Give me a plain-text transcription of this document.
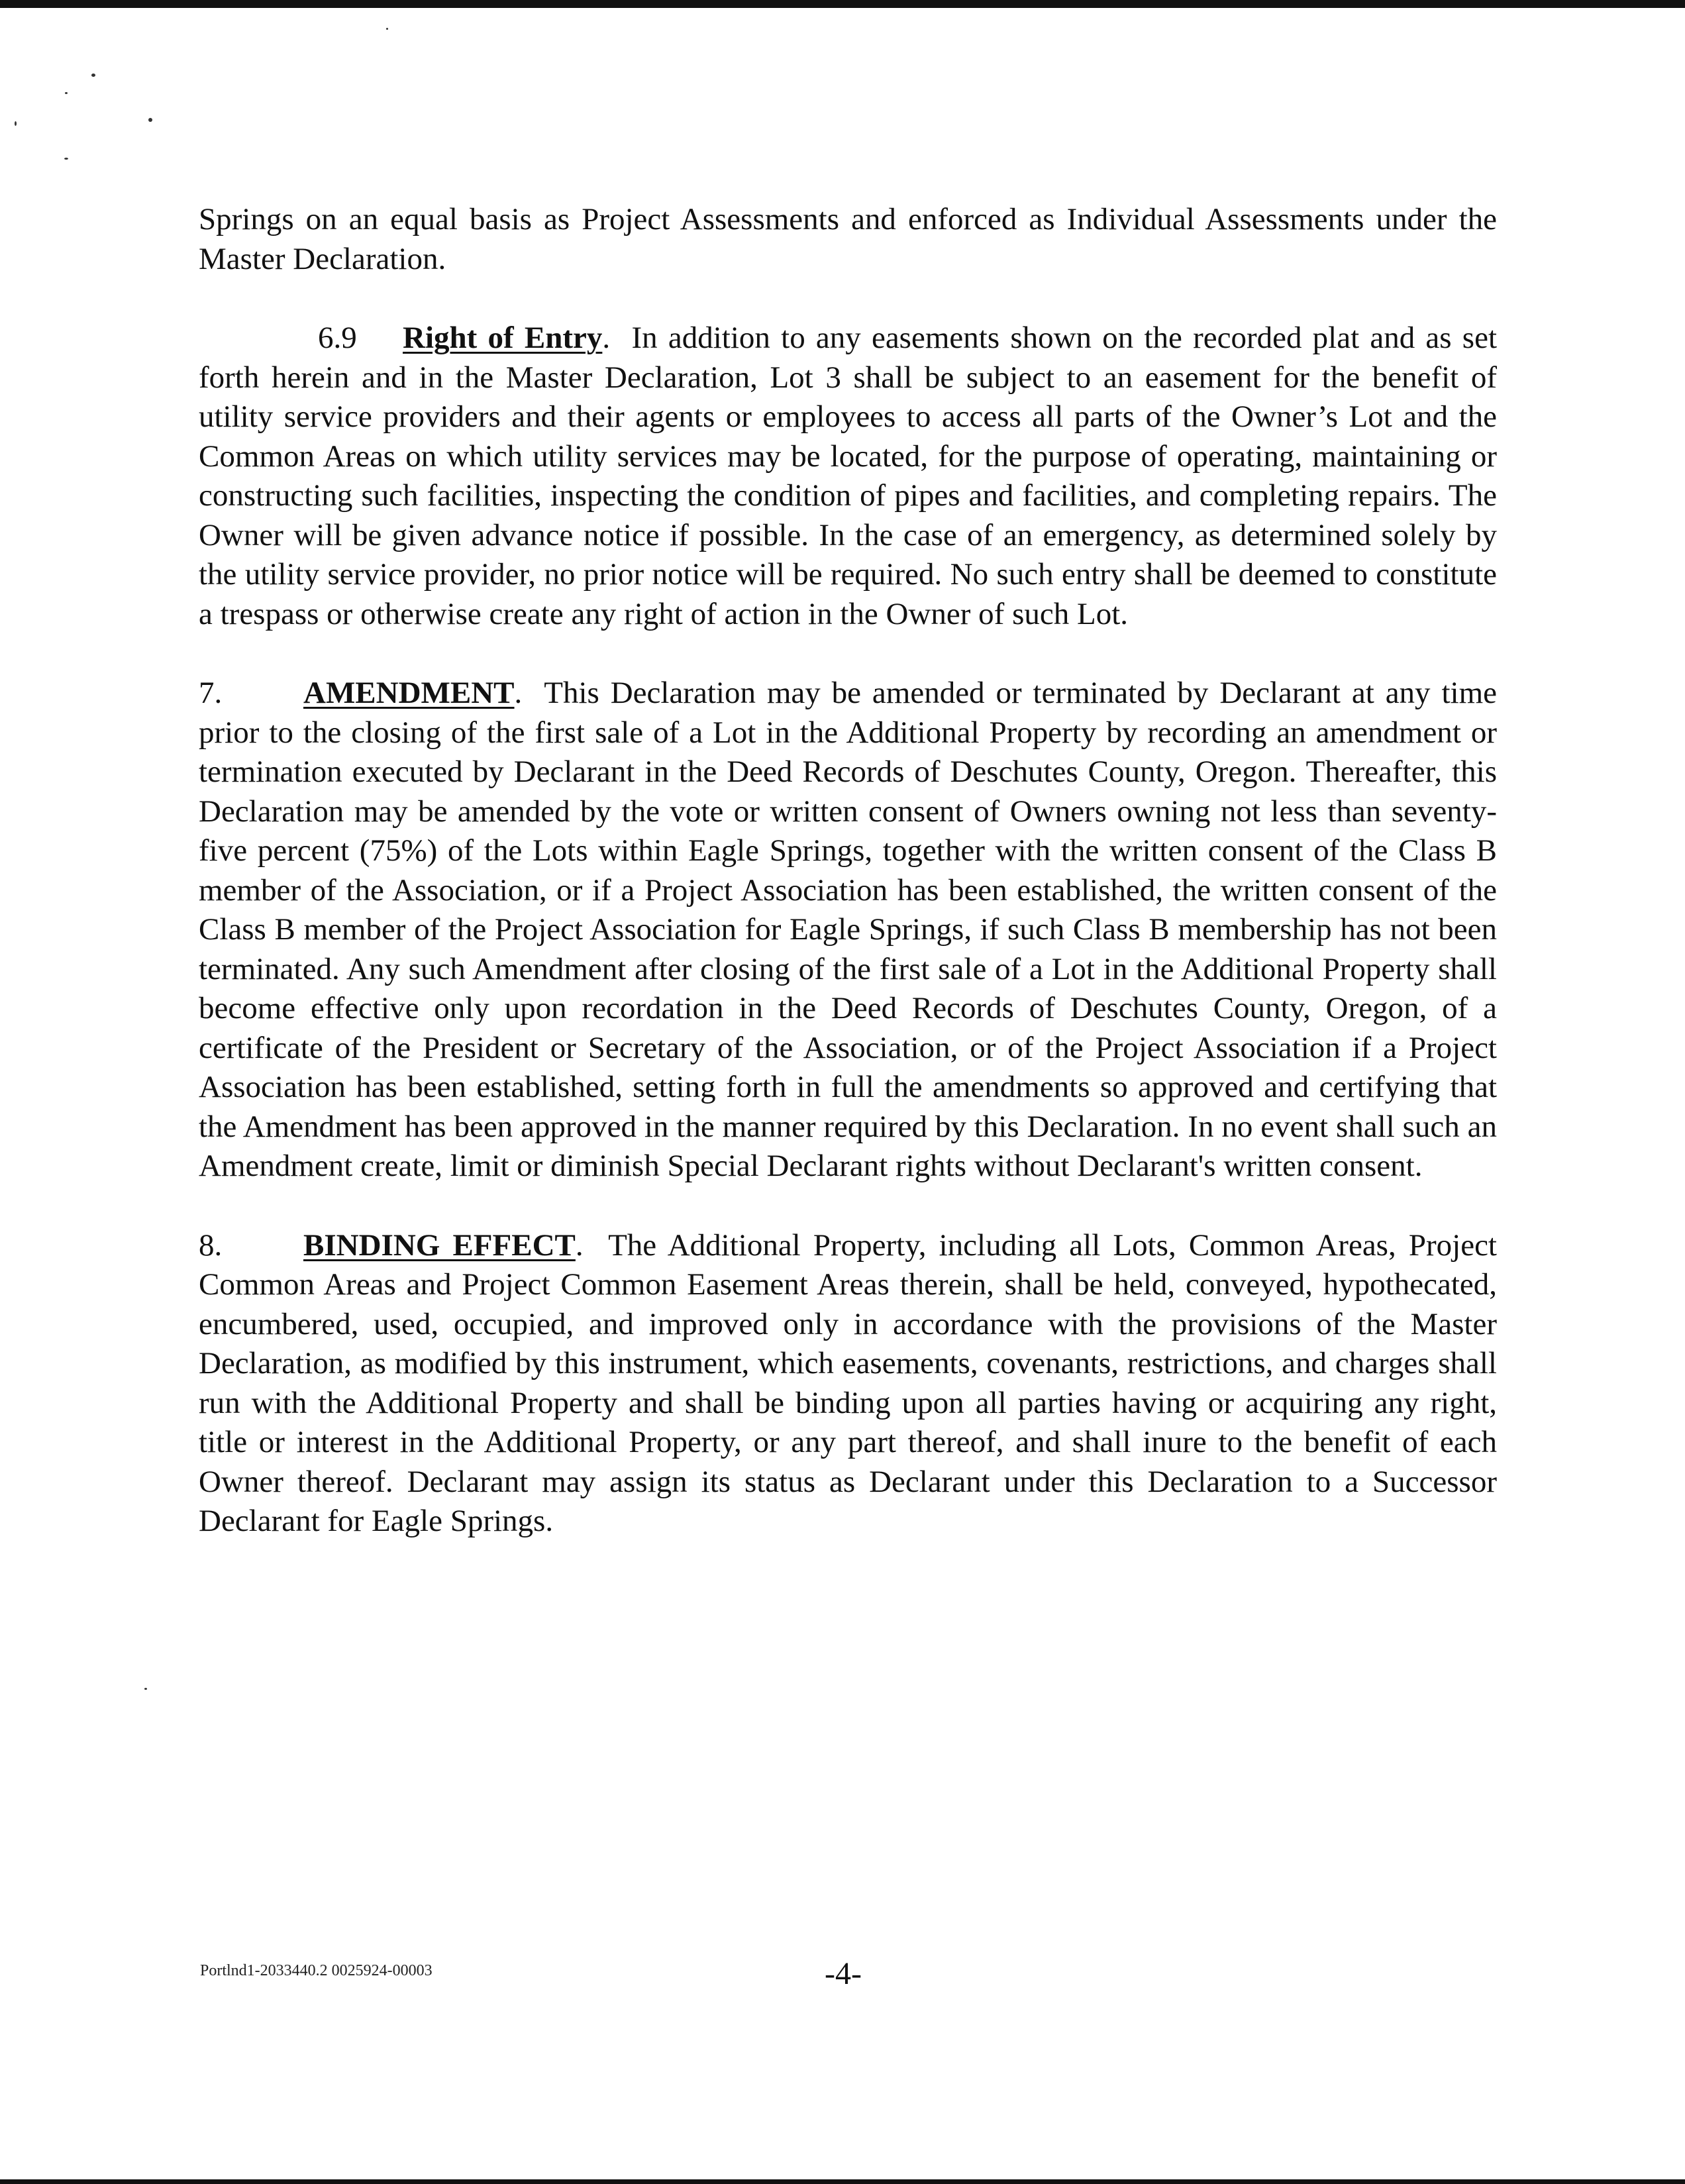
Springs on an equal basis as Project Assessments and enforced as Individual Assessments under the Master Declaration.

6.9 Right of Entry. In addition to any easements shown on the recorded plat and as set forth herein and in the Master Declaration, Lot 3 shall be subject to an easement for the benefit of utility service providers and their agents or employees to access all parts of the Owner’s Lot and the Common Areas on which utility services may be located, for the purpose of operating, maintaining or constructing such facilities, inspecting the condition of pipes and facilities, and completing repairs. The Owner will be given advance notice if possible. In the case of an emergency, as determined solely by the utility service provider, no prior notice will be required. No such entry shall be deemed to constitute a trespass or otherwise create any right of action in the Owner of such Lot.

7.	AMENDMENT. This Declaration may be amended or terminated by Declarant at any time prior to the closing of the first sale of a Lot in the Additional Property by recording an amendment or termination executed by Declarant in the Deed Records of Deschutes County, Oregon. Thereafter, this Declaration may be amended by the vote or written consent of Owners owning not less than seventy-five percent (75%) of the Lots within Eagle Springs, together with the written consent of the Class B member of the Association, or if a Project Association has been established, the written consent of the Class B member of the Project Association for Eagle Springs, if such Class B membership has not been terminated. Any such Amendment after closing of the first sale of a Lot in the Additional Property shall become effective only upon recordation in the Deed Records of Deschutes County, Oregon, of a certificate of the President or Secretary of the Association, or of the Project Association if a Project Association has been established, setting forth in full the amendments so approved and certifying that the Amendment has been approved in the manner required by this Declaration. In no event shall such an Amendment create, limit or diminish Special Declarant rights without Declarant's written consent.

8.	BINDING EFFECT. The Additional Property, including all Lots, Common Areas, Project Common Areas and Project Common Easement Areas therein, shall be held, conveyed, hypothecated, encumbered, used, occupied, and improved only in accordance with the provisions of the Master Declaration, as modified by this instrument, which easements, covenants, restrictions, and charges shall run with the Additional Property and shall be binding upon all parties having or acquiring any right, title or interest in the Additional Property, or any part thereof, and shall inure to the benefit of each Owner thereof. Declarant may assign its status as Declarant under this Declaration to a Successor Declarant for Eagle Springs.

Portlnd1-2033440.2 0025924-00003	-4-
